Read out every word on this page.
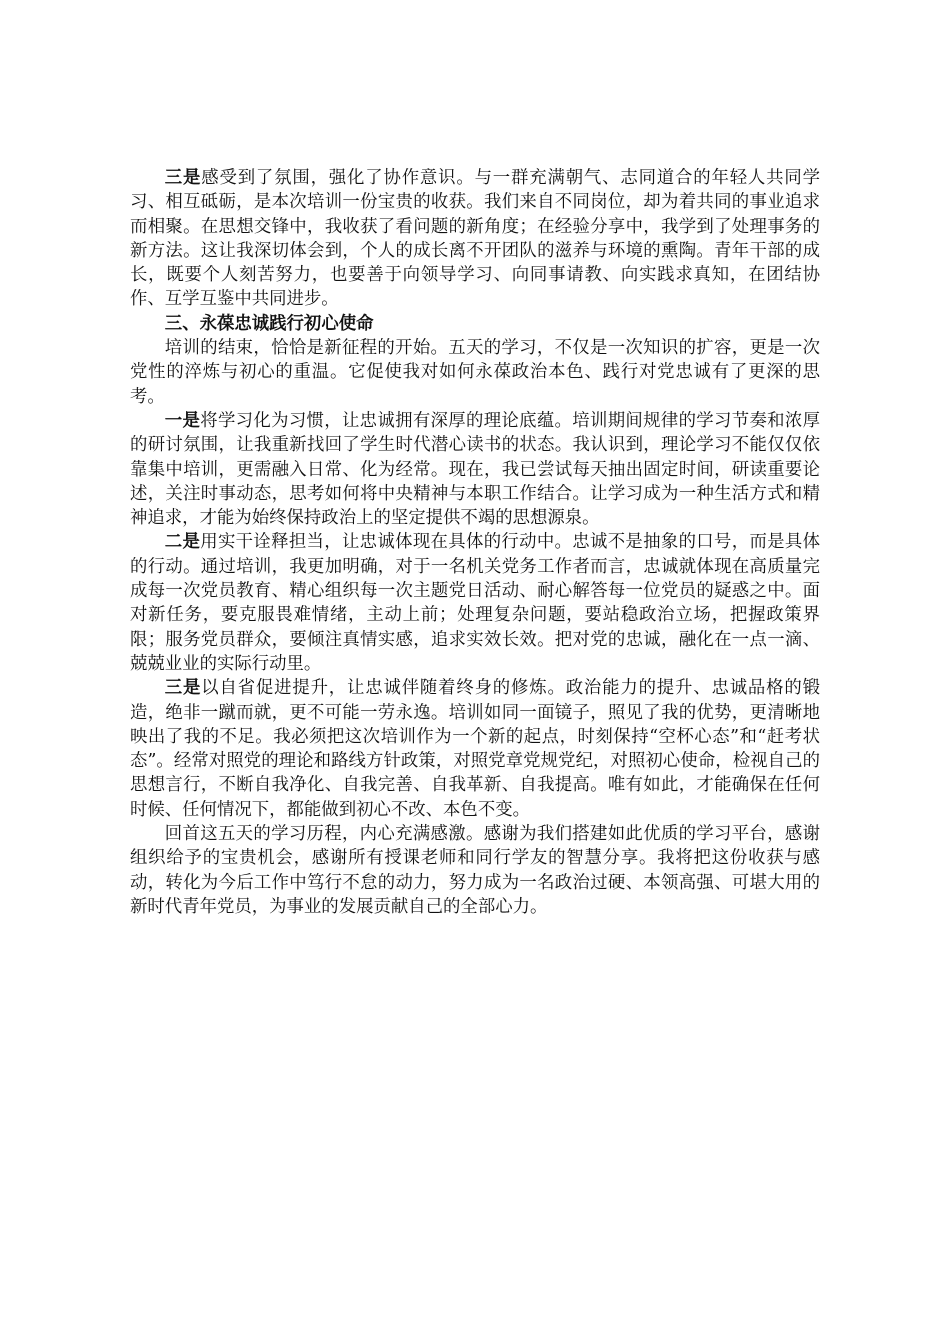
三是感受到了氛围，强化了协作意识。与一群充满朝气、志同道合的年轻人共同学习、相互砥砺，是本次培训一份宝贵的收获。我们来自不同岗位，却为着共同的事业追求而相聚。在思想交锋中，我收获了看问题的新角度；在经验分享中，我学到了处理事务的新方法。这让我深切体会到，个人的成长离不开团队的滋养与环境的熏陶。青年干部的成长，既要个人刻苦努力，也要善于向领导学习、向同事请教、向实践求真知，在团结协作、互学互鉴中共同进步。

三、永葆忠诚践行初心使命

培训的结束，恰恰是新征程的开始。五天的学习，不仅是一次知识的扩容，更是一次党性的淬炼与初心的重温。它促使我对如何永葆政治本色、践行对党忠诚有了更深的思考。

一是将学习化为习惯，让忠诚拥有深厚的理论底蕴。培训期间规律的学习节奏和浓厚的研讨氛围，让我重新找回了学生时代潜心读书的状态。我认识到，理论学习不能仅仅依靠集中培训，更需融入日常、化为经常。现在，我已尝试每天抽出固定时间，研读重要论述，关注时事动态，思考如何将中央精神与本职工作结合。让学习成为一种生活方式和精神追求，才能为始终保持政治上的坚定提供不竭的思想源泉。

二是用实干诠释担当，让忠诚体现在具体的行动中。忠诚不是抽象的口号，而是具体的行动。通过培训，我更加明确，对于一名机关党务工作者而言，忠诚就体现在高质量完成每一次党员教育、精心组织每一次主题党日活动、耐心解答每一位党员的疑惑之中。面对新任务，要克服畏难情绪，主动上前；处理复杂问题，要站稳政治立场，把握政策界限；服务党员群众，要倾注真情实感，追求实效长效。把对党的忠诚，融化在一点一滴、兢兢业业的实际行动里。

三是以自省促进提升，让忠诚伴随着终身的修炼。政治能力的提升、忠诚品格的锻造，绝非一蹴而就，更不可能一劳永逸。培训如同一面镜子，照见了我的优势，更清晰地映出了我的不足。我必须把这次培训作为一个新的起点，时刻保持“空杯心态”和“赶考状态”。经常对照党的理论和路线方针政策，对照党章党规党纪，对照初心使命，检视自己的思想言行，不断自我净化、自我完善、自我革新、自我提高。唯有如此，才能确保在任何时候、任何情况下，都能做到初心不改、本色不变。

回首这五天的学习历程，内心充满感激。感谢为我们搭建如此优质的学习平台，感谢组织给予的宝贵机会，感谢所有授课老师和同行学友的智慧分享。我将把这份收获与感动，转化为今后工作中笃行不怠的动力，努力成为一名政治过硬、本领高强、可堪大用的新时代青年党员，为事业的发展贡献自己的全部心力。
